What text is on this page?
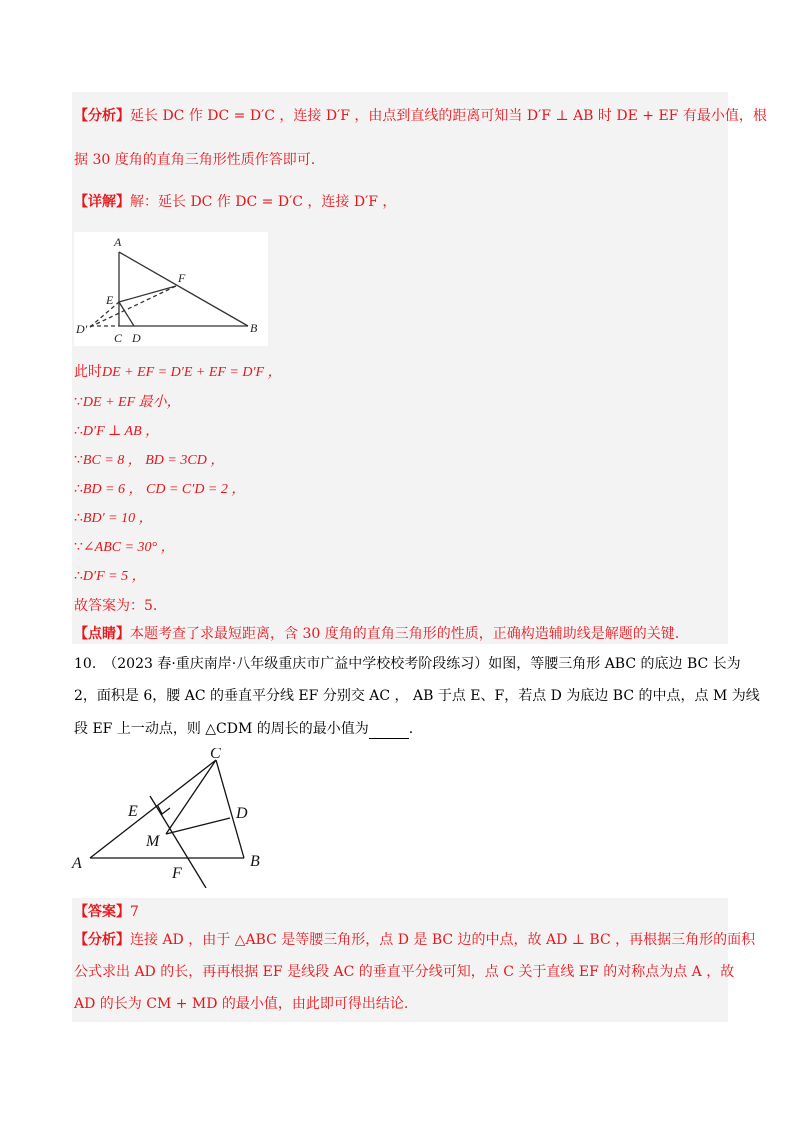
【分析】延长 DC 作 DC = D′C ，连接 D′F ，由点到直线的距离可知当 D′F ⊥ AB 时 DE + EF 有最小值，根
据 30 度角的直角三角形性质作答即可.
【详解】解：延长 DC 作 DC = D′C ，连接 D′F ，
A
F
E
D′
C D
B
此时DE + EF = D′E + EF = D′F ，
∵DE + EF 最小，
∴D′F ⊥ AB ，
∵BC = 8 ， BD = 3CD ，
∴BD = 6 ， CD = C′D = 2 ，
∴BD′ = 10 ，
∵∠ABC = 30° ，
∴D′F = 5 ，
故答案为：5.
【点睛】本题考查了求最短距离，含 30 度角的直角三角形的性质，正确构造辅助线是解题的关键.
10.　（2023 春·重庆南岸·八年级重庆市广益中学校校考阶段练习）如图，等腰三角形 ABC 的底边 BC 长为
2，面积是 6，腰 AC 的垂直平分线 EF 分别交 AC ， AB 于点 E、F，若点 D 为底边 BC 的中点，点 M 为线
段 EF 上一动点，则 △CDM 的周长的最小值为	.
C
E	D
M
A	B
F
【答案】7
【分析】连接 AD ，由于 △ABC 是等腰三角形，点 D 是 BC 边的中点，故 AD ⊥ BC ，再根据三角形的面积
公式求出 AD 的长，再再根据 EF 是线段 AC 的垂直平分线可知，点 C 关于直线 EF 的对称点为点 A ，故
AD 的长为 CM + MD 的最小值，由此即可得出结论.
